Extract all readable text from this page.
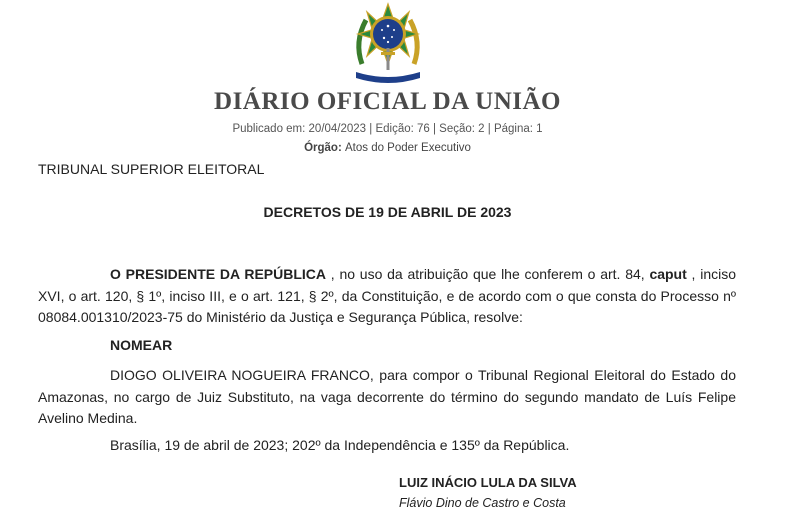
DIÁRIO OFICIAL DA UNIÃO
Publicado em: 20/04/2023 | Edição: 76 | Seção: 2 | Página: 1
Órgão: Atos do Poder Executivo
TRIBUNAL SUPERIOR ELEITORAL
DECRETOS DE 19 DE ABRIL DE 2023
O PRESIDENTE DA REPÚBLICA , no uso da atribuição que lhe conferem o art. 84, caput , inciso XVI, o art. 120, § 1º, inciso III, e o art. 121, § 2º, da Constituição, e de acordo com o que consta do Processo nº 08084.001310/2023-75 do Ministério da Justiça e Segurança Pública, resolve:
NOMEAR
DIOGO OLIVEIRA NOGUEIRA FRANCO, para compor o Tribunal Regional Eleitoral do Estado do Amazonas, no cargo de Juiz Substituto, na vaga decorrente do término do segundo mandato de Luís Felipe Avelino Medina.
Brasília, 19 de abril de 2023; 202º da Independência e 135º da República.
LUIZ INÁCIO LULA DA SILVA
Flávio Dino de Castro e Costa
